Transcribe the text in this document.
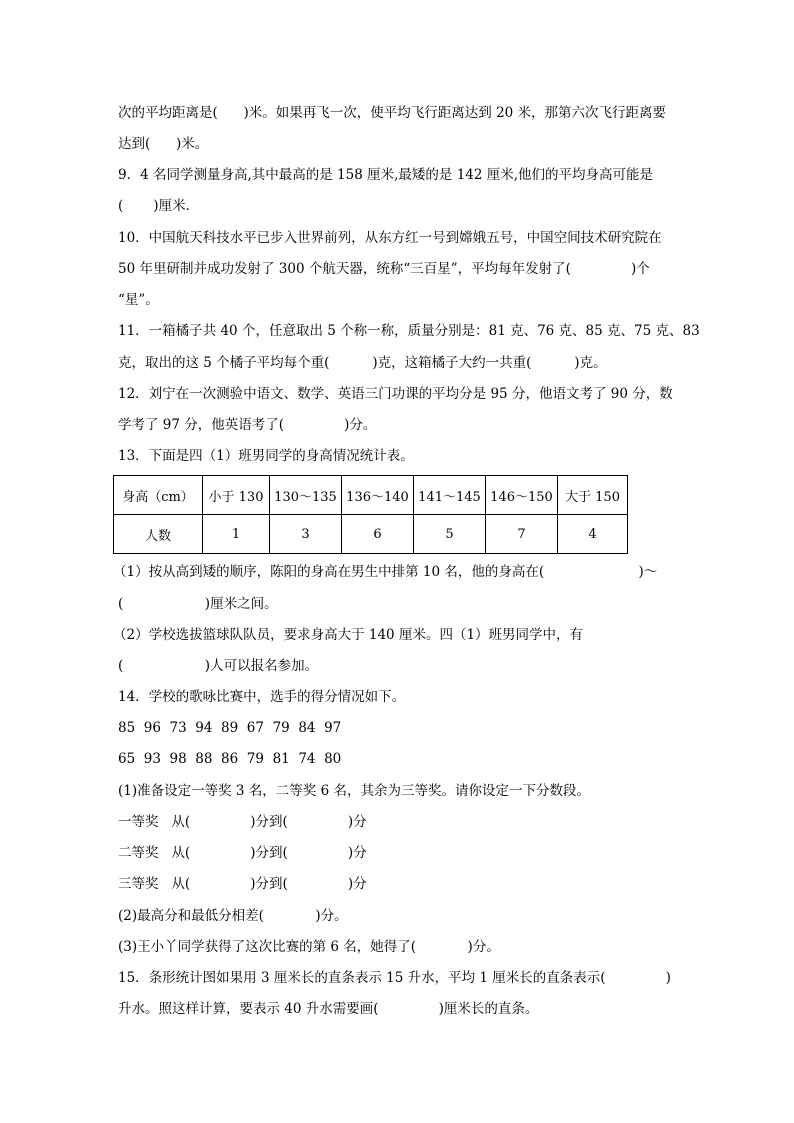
次的平均距离是(      )米。如果再飞一次，使平均飞行距离达到 20 米，那第六次飞行距离要
达到(      )米。
9．4 名同学测量身高,其中最高的是 158 厘米,最矮的是 142 厘米,他们的平均身高可能是
(       )厘米．
10．中国航天科技水平已步入世界前列，从东方红一号到嫦娥五号，中国空间技术研究院在
50 年里研制并成功发射了 300 个航天器，统称“三百星”，平均每年发射了(              )个
“星”。
11．一箱橘子共 40 个，任意取出 5 个称一称，质量分别是：81 克、76 克、85 克、75 克、83
克，取出的这 5 个橘子平均每个重(          )克，这箱橘子大约一共重(          )克。
12．刘宁在一次测验中语文、数学、英语三门功课的平均分是 95 分，他语文考了 90 分，数
学考了 97 分，他英语考了(              )分。
13．下面是四（1）班男同学的身高情况统计表。
身高（cm）	小于 130	130～135	136～140	141～145	146～150	大于 150
人数	1	3	6	5	7	4
（1）按从高到矮的顺序，陈阳的身高在男生中排第 10 名，他的身高在(                      )～
(                   )厘米之间。
（2）学校选拔篮球队队员，要求身高大于 140 厘米。四（1）班男同学中，有
(                   )人可以报名参加。
14．学校的歌咏比赛中，选手的得分情况如下。
85  96  73  94  89  67  79  84  97
65  93  98  88  86  79  81  74  80
(1)准备设定一等奖 3 名，二等奖 6 名，其余为三等奖。请你设定一下分数段。
一等奖   从(              )分到(              )分
二等奖   从(              )分到(              )分
三等奖   从(              )分到(              )分
(2)最高分和最低分相差(            )分。
(3)王小丫同学获得了这次比赛的第 6 名，她得了(            )分。
15．条形统计图如果用 3 厘米长的直条表示 15 升水，平均 1 厘米长的直条表示(              )
升水。照这样计算，要表示 40 升水需要画(              )厘米长的直条。
